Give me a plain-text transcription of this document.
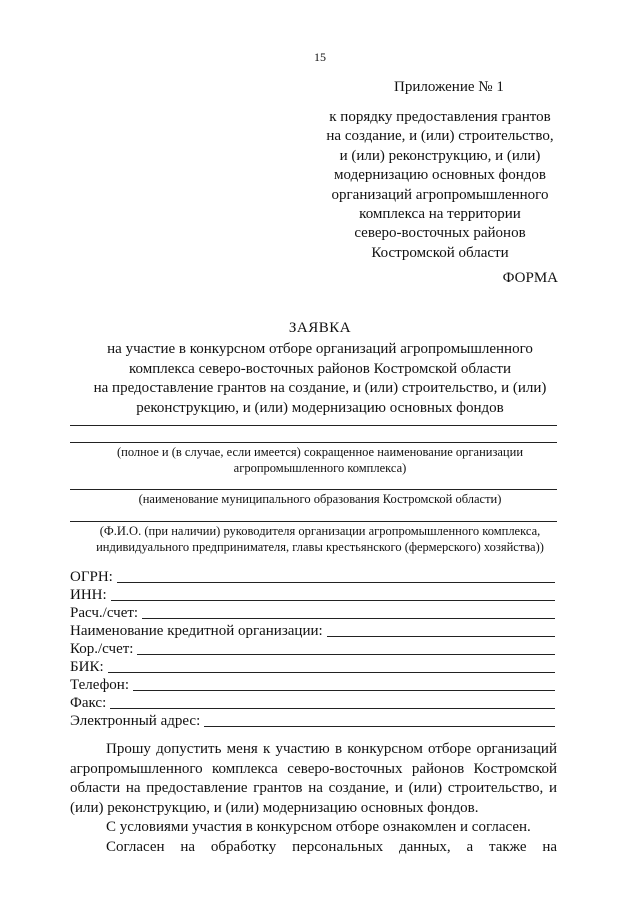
15
Приложение № 1
к порядку предоставления грантов
на создание, и (или) строительство,
и (или) реконструкцию, и (или)
модернизацию основных фондов
организаций агропромышленного
комплекса на территории
северо-восточных районов
Костромской области
ФОРМА
ЗАЯВКА
на участие в конкурсном отборе организаций агропромышленного
комплекса северо-восточных районов Костромской области
на предоставление грантов на создание, и (или) строительство, и (или)
реконструкцию, и (или) модернизацию основных фондов
(полное и (в случае, если имеется) сокращенное наименование организации
агропромышленного комплекса)
(наименование муниципального образования Костромской области)
(Ф.И.О. (при наличии) руководителя организации агропромышленного комплекса,
индивидуального предпринимателя, главы крестьянского (фермерского) хозяйства))
ОГРН:
ИНН:
Расч./счет:
Наименование кредитной организации:
Кор./счет:
БИК:
Телефон:
Факс:
Электронный адрес:

Прошу допустить меня к участию в конкурсном отборе организаций агропромышленного комплекса северо-восточных районов Костромской области на предоставление грантов на создание, и (или) строительство, и (или) реконструкцию, и (или) модернизацию основных фондов.

С условиями участия в конкурсном отборе ознакомлен и согласен.

Согласен на обработку персональных данных, а также на
